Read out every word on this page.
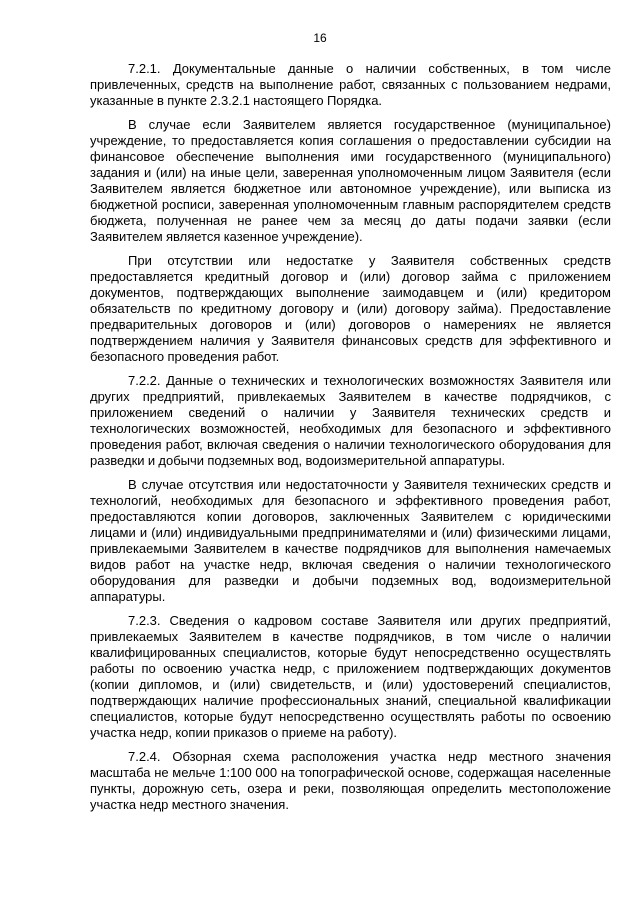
16

7.2.1. Документальные данные о наличии собственных, в том числе привлеченных, средств на выполнение работ, связанных с пользованием недрами, указанные в пункте 2.3.2.1 настоящего Порядка.

В случае если Заявителем является государственное (муниципальное) учреждение, то предоставляется копия соглашения о предоставлении субсидии на финансовое обеспечение выполнения ими государственного (муниципального) задания и (или) на иные цели, заверенная уполномоченным лицом Заявителя (если Заявителем является бюджетное или автономное учреждение), или выписка из бюджетной росписи, заверенная уполномоченным главным распорядителем средств бюджета, полученная не ранее чем за месяц до даты подачи заявки (если Заявителем является казенное учреждение).

При отсутствии или недостатке у Заявителя собственных средств предоставляется кредитный договор и (или) договор займа с приложением документов, подтверждающих выполнение заимодавцем и (или) кредитором обязательств по кредитному договору и (или) договору займа). Предоставление предварительных договоров и (или) договоров о намерениях не является подтверждением наличия у Заявителя финансовых средств для эффективного и безопасного проведения работ.

7.2.2. Данные о технических и технологических возможностях Заявителя или других предприятий, привлекаемых Заявителем в качестве подрядчиков, с приложением сведений о наличии у Заявителя технических средств и технологических возможностей, необходимых для безопасного и эффективного проведения работ, включая сведения о наличии технологического оборудования для разведки и добычи подземных вод, водоизмерительной аппаратуры.

В случае отсутствия или недостаточности у Заявителя технических средств и технологий, необходимых для безопасного и эффективного проведения работ, предоставляются копии договоров, заключенных Заявителем с юридическими лицами и (или) индивидуальными предпринимателями и (или) физическими лицами, привлекаемыми Заявителем в качестве подрядчиков для выполнения намечаемых видов работ на участке недр, включая сведения о наличии технологического оборудования для разведки и добычи подземных вод, водоизмерительной аппаратуры.

7.2.3. Сведения о кадровом составе Заявителя или других предприятий, привлекаемых Заявителем в качестве подрядчиков, в том числе о наличии квалифицированных специалистов, которые будут непосредственно осуществлять работы по освоению участка недр, с приложением подтверждающих документов (копии дипломов, и (или) свидетельств, и (или) удостоверений специалистов, подтверждающих наличие профессиональных знаний, специальной квалификации специалистов, которые будут непосредственно осуществлять работы по освоению участка недр, копии приказов о приеме на работу).

7.2.4. Обзорная схема расположения участка недр местного значения масштаба не мельче 1:100 000 на топографической основе, содержащая населенные пункты, дорожную сеть, озера и реки, позволяющая определить местоположение участка недр местного значения.
